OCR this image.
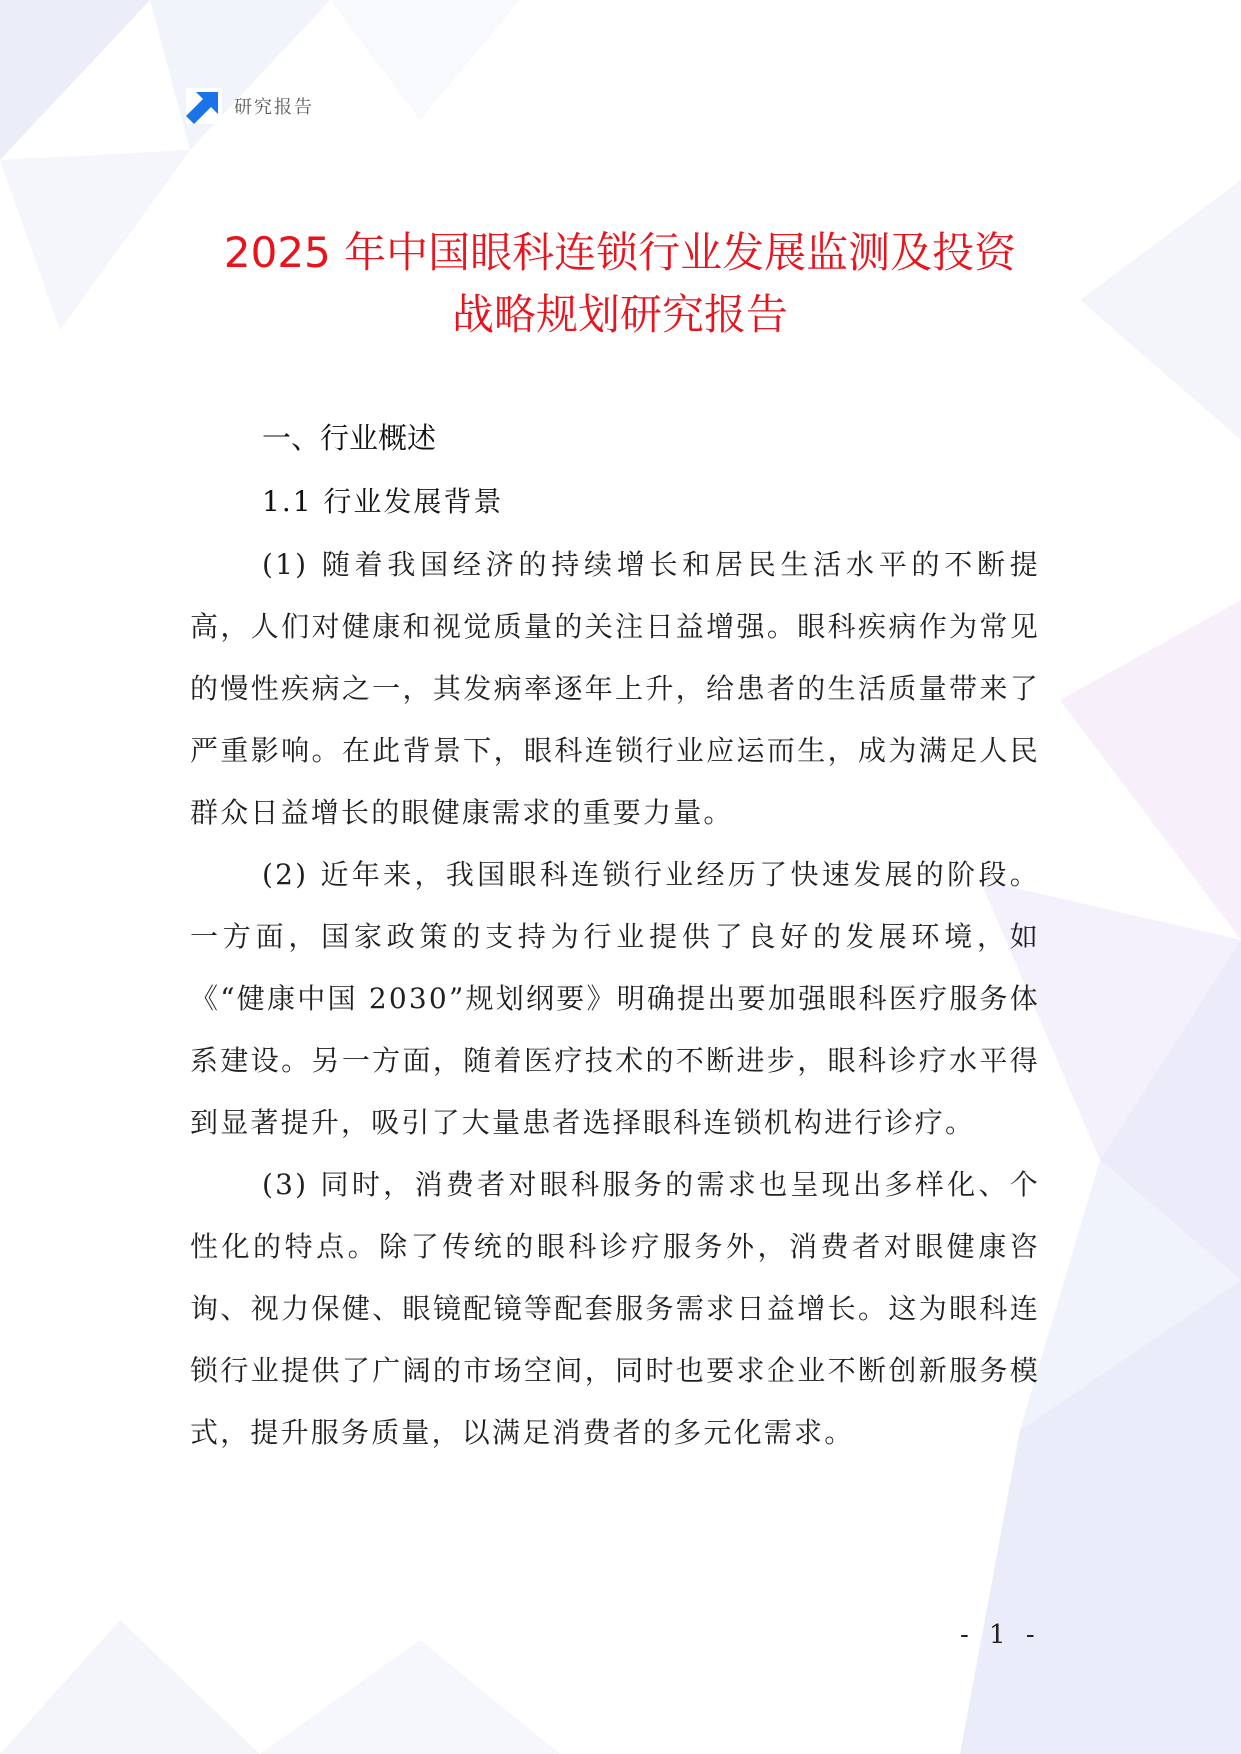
研究报告
2025 年中国眼科连锁行业发展监测及投资
战略规划研究报告
一、行业概述
1.1 行业发展背景

(1) 随着我国经济的持续增长和居民生活水平的不断提高，人们对健康和视觉质量的关注日益增强。眼科疾病作为常见的慢性疾病之一，其发病率逐年上升，给患者的生活质量带来了严重影响。在此背景下，眼科连锁行业应运而生，成为满足人民群众日益增长的眼健康需求的重要力量。

(2) 近年来，我国眼科连锁行业经历了快速发展的阶段。一方面，国家政策的支持为行业提供了良好的发展环境，如《“健康中国 2030”规划纲要》明确提出要加强眼科医疗服务体系建设。另一方面，随着医疗技术的不断进步，眼科诊疗水平得到显著提升，吸引了大量患者选择眼科连锁机构进行诊疗。

(3) 同时，消费者对眼科服务的需求也呈现出多样化、个性化的特点。除了传统的眼科诊疗服务外，消费者对眼健康咨询、视力保健、眼镜配镜等配套服务需求日益增长。这为眼科连锁行业提供了广阔的市场空间，同时也要求企业不断创新服务模式，提升服务质量，以满足消费者的多元化需求。

- 1 -
